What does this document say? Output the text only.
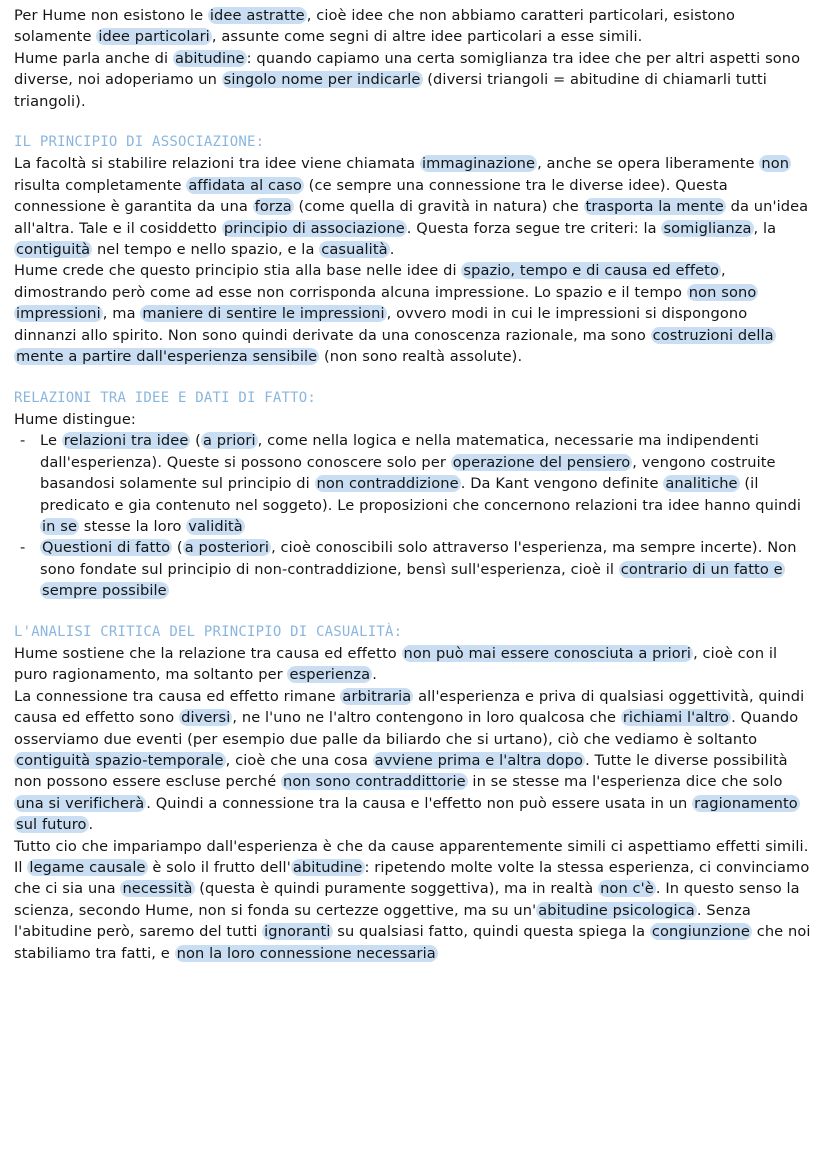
Per Hume non esistono le idee astratte , cioè idee che non abbiamo caratteri particolari, esistono solamente idee particolari , assunte come segni di altre idee particolari a esse simili.

Hume parla anche di abitudine : quando capiamo una certa somiglianza tra idee che per altri aspetti sono diverse, noi adoperiamo un singolo nome per indicarle (diversi triangoli = abitudine di chiamarli tutti triangoli).

IL PRINCIPIO DI ASSOCIAZIONE:

La facoltà si stabilire relazioni tra idee viene chiamata immaginazione , anche se opera liberamente non risulta completamente affidata al caso (ce sempre una connessione tra le diverse idee). Questa connessione è garantita da una forza (come quella di gravità in natura) che trasporta la mente da un'idea all'altra. Tale e il cosiddetto principio di associazione . Questa forza segue tre criteri: la somiglianza , la contiguità nel tempo e nello spazio, e la casualità .

Hume crede che questo principio stia alla base nelle idee di spazio, tempo e di causa ed effeto , dimostrando però come ad esse non corrisponda alcuna impressione. Lo spazio e il tempo non sono impressioni , ma maniere di sentire le impressioni , ovvero modi in cui le impressioni si dispongono dinnanzi allo spirito. Non sono quindi derivate da una conoscenza razionale, ma sono costruzioni della mente a partire dall'esperienza sensibile (non sono realtà assolute).

RELAZIONI TRA IDEE E DATI DI FATTO:

Hume distingue:

- Le relazioni tra idee ( a priori , come nella logica e nella matematica, necessarie ma indipendenti dall'esperienza). Queste si possono conoscere solo per operazione del pensiero , vengono costruite basandosi solamente sul principio di non contraddizione . Da Kant vengono definite analitiche (il predicato e gia contenuto nel soggeto). Le proposizioni che concernono relazioni tra idee hanno quindi in se stesse la loro validità
- Questioni di fatto ( a posteriori , cioè conoscibili solo attraverso l'esperienza, ma sempre incerte). Non sono fondate sul principio di non-contraddizione, bensì sull'esperienza, cioè il contrario di un fatto e sempre possibile
L'ANALISI CRITICA DEL PRINCIPIO DI CASUALITÀ:

Hume sostiene che la relazione tra causa ed effetto non può mai essere conosciuta a priori , cioè con il puro ragionamento, ma soltanto per esperienza .

La connessione tra causa ed effetto rimane arbitraria all'esperienza e priva di qualsiasi oggettività, quindi causa ed effetto sono diversi , ne l'uno ne l'altro contengono in loro qualcosa che richiami l'altro . Quando osserviamo due eventi (per esempio due palle da biliardo che si urtano), ciò che vediamo è soltanto contiguità spazio-temporale , cioè che una cosa avviene prima e l'altra dopo . Tutte le diverse possibilità non possono essere escluse perché non sono contraddittorie in se stesse ma l'esperienza dice che solo una si verificherà . Quindi a connessione tra la causa e l'effetto non può essere usata in un ragionamento sul futuro .

Tutto cio che impariampo dall'esperienza è che da cause apparentemente simili ci aspettiamo effetti simili. Il legame causale è solo il frutto dell' abitudine : ripetendo molte volte la stessa esperienza, ci convinciamo che ci sia una necessità (questa è quindi puramente soggettiva), ma in realtà non c'è . In questo senso la scienza, secondo Hume, non si fonda su certezze oggettive, ma su un' abitudine psicologica . Senza l'abitudine però, saremo del tutti ignoranti su qualsiasi fatto, quindi questa spiega la congiunzione che noi stabiliamo tra fatti, e non la loro connessione necessaria
